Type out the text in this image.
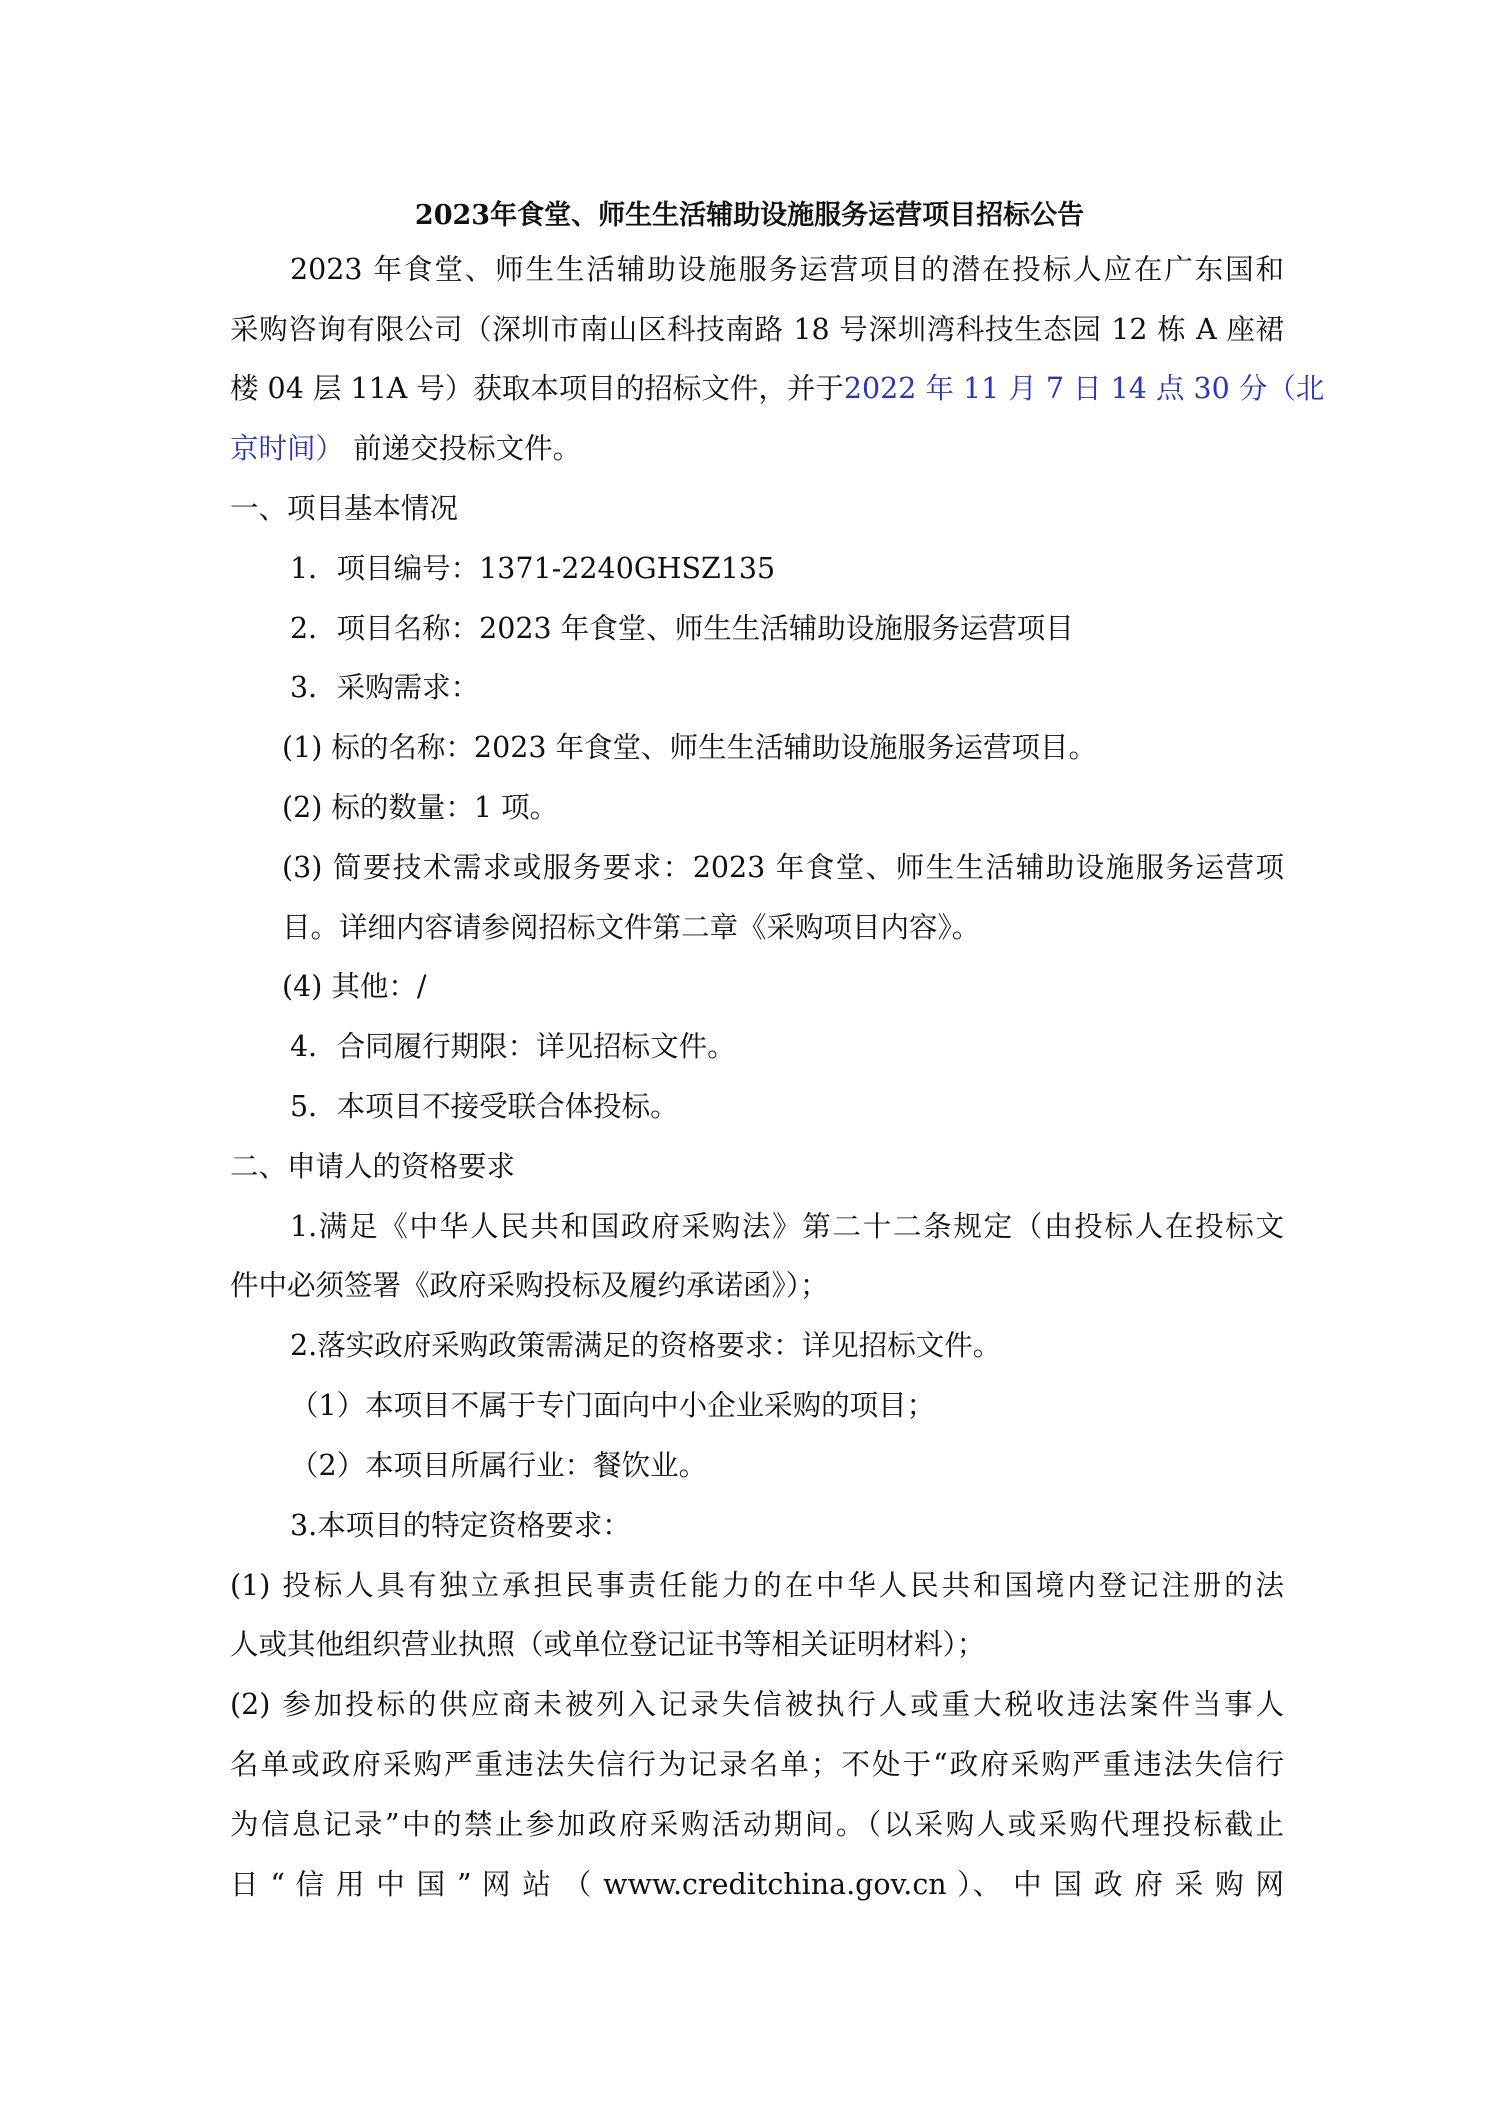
2023年食堂、师生生活辅助设施服务运营项目招标公告
2023 年食堂、师生生活辅助设施服务运营项目的潜在投标人应在广东国和
采购咨询有限公司（深圳市南山区科技南路 18 号深圳湾科技生态园 12 栋 A 座裙
楼 04 层 11A 号）获取本项目的招标文件，并于2022 年 11 月 7 日 14 点 30 分（北
京时间） 前递交投标文件。
一、项目基本情况
1．项目编号：1371-2240GHSZ135
2．项目名称：2023 年食堂、师生生活辅助设施服务运营项目
3．采购需求：
(1) 标的名称：2023 年食堂、师生生活辅助设施服务运营项目。
(2) 标的数量：1 项。
(3) 简要技术需求或服务要求：2023 年食堂、师生生活辅助设施服务运营项
目。详细内容请参阅招标文件第二章《采购项目内容》。
(4) 其他：/
4．合同履行期限：详见招标文件。
5．本项目不接受联合体投标。
二、申请人的资格要求
1.满足《中华人民共和国政府采购法》第二十二条规定（由投标人在投标文
件中必须签署《政府采购投标及履约承诺函》）；
2.落实政府采购政策需满足的资格要求：详见招标文件。
（1）本项目不属于专门面向中小企业采购的项目；
（2）本项目所属行业：餐饮业。
3.本项目的特定资格要求：
(1) 投标人具有独立承担民事责任能力的在中华人民共和国境内登记注册的法
人或其他组织营业执照（或单位登记证书等相关证明材料）；
(2) 参加投标的供应商未被列入记录失信被执行人或重大税收违法案件当事人
名单或政府采购严重违法失信行为记录名单；不处于“政府采购严重违法失信行
为信息记录”中的禁止参加政府采购活动期间。（以采购人或采购代理投标截止
日 “ 信 用 中 国 ” 网 站 （ www.creditchina.gov.cn ）、 中 国 政 府 采 购 网
